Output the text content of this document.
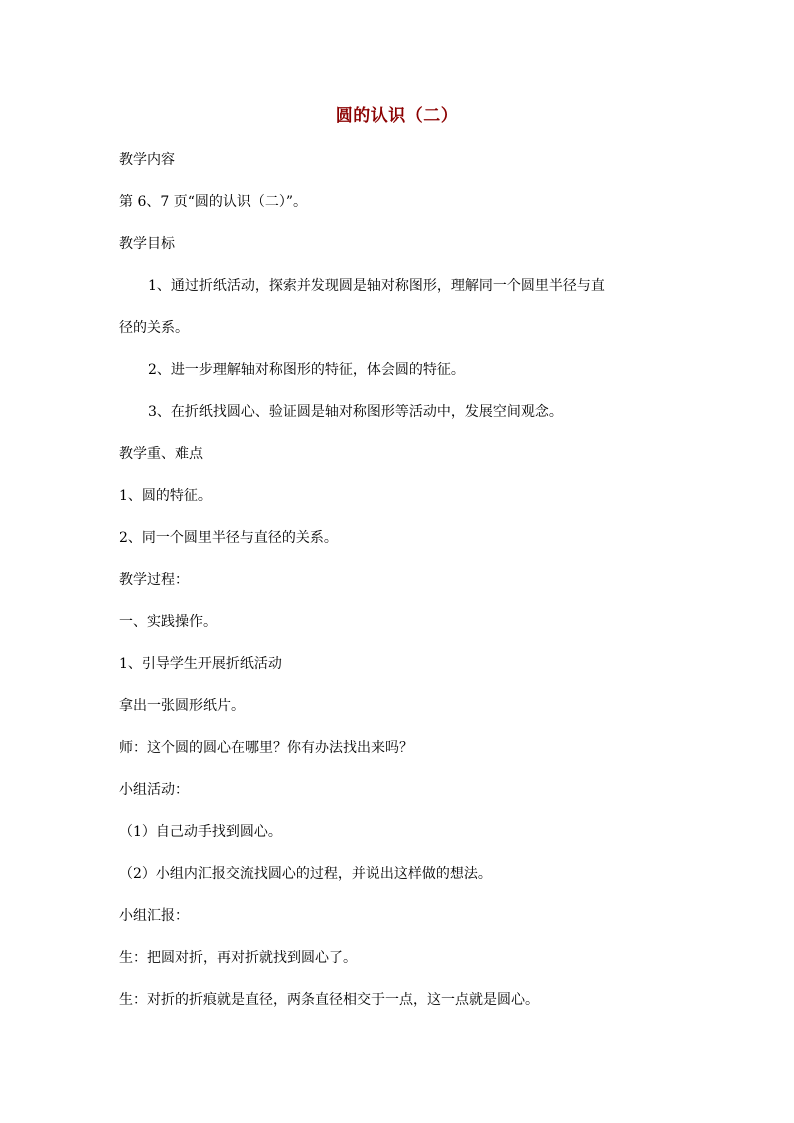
圆的认识（二）
教学内容
第 6、7 页“圆的认识（二）”。
教学目标
1、通过折纸活动，探索并发现圆是轴对称图形，理解同一个圆里半径与直
径的关系。
2、进一步理解轴对称图形的特征，体会圆的特征。
3、在折纸找圆心、验证圆是轴对称图形等活动中，发展空间观念。
教学重、难点
1、圆的特征。
2、同一个圆里半径与直径的关系。
教学过程：
一、实践操作。
1、引导学生开展折纸活动
拿出一张圆形纸片。
师：这个圆的圆心在哪里？你有办法找出来吗？
小组活动：
（1）自己动手找到圆心。
（2）小组内汇报交流找圆心的过程，并说出这样做的想法。
小组汇报：
生：把圆对折，再对折就找到圆心了。
生：对折的折痕就是直径，两条直径相交于一点，这一点就是圆心。
